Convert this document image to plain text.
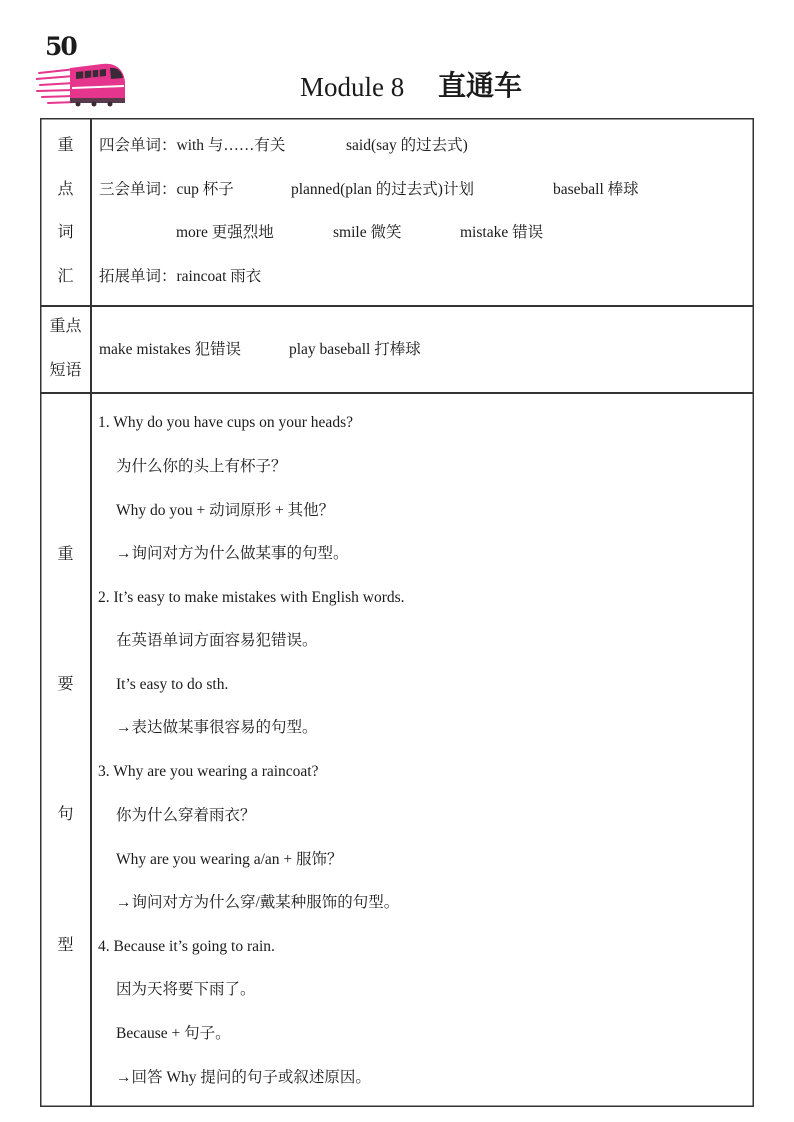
50
Module 8 直通车
重
点
词
汇
四会单词：with 与……有关	said(say 的过去式)
三会单词：cup 杯子	planned(plan 的过去式)计划	baseball 棒球
more 更强烈地	smile 微笑	mistake 错误
拓展单词：raincoat 雨衣
重点
短语
make mistakes 犯错误	play baseball 打棒球
重
要
句
型
1. Why do you have cups on your heads?
为什么你的头上有杯子？
Why do you + 动词原形 + 其他？
→询问对方为什么做某事的句型。
2. It’s easy to make mistakes with English words.
在英语单词方面容易犯错误。
It’s easy to do sth.
→表达做某事很容易的句型。
3. Why are you wearing a raincoat?
你为什么穿着雨衣？
Why are you wearing a/an + 服饰？
→询问对方为什么穿/戴某种服饰的句型。
4. Because it’s going to rain.
因为天将要下雨了。
Because + 句子。
→回答 Why 提问的句子或叙述原因。
